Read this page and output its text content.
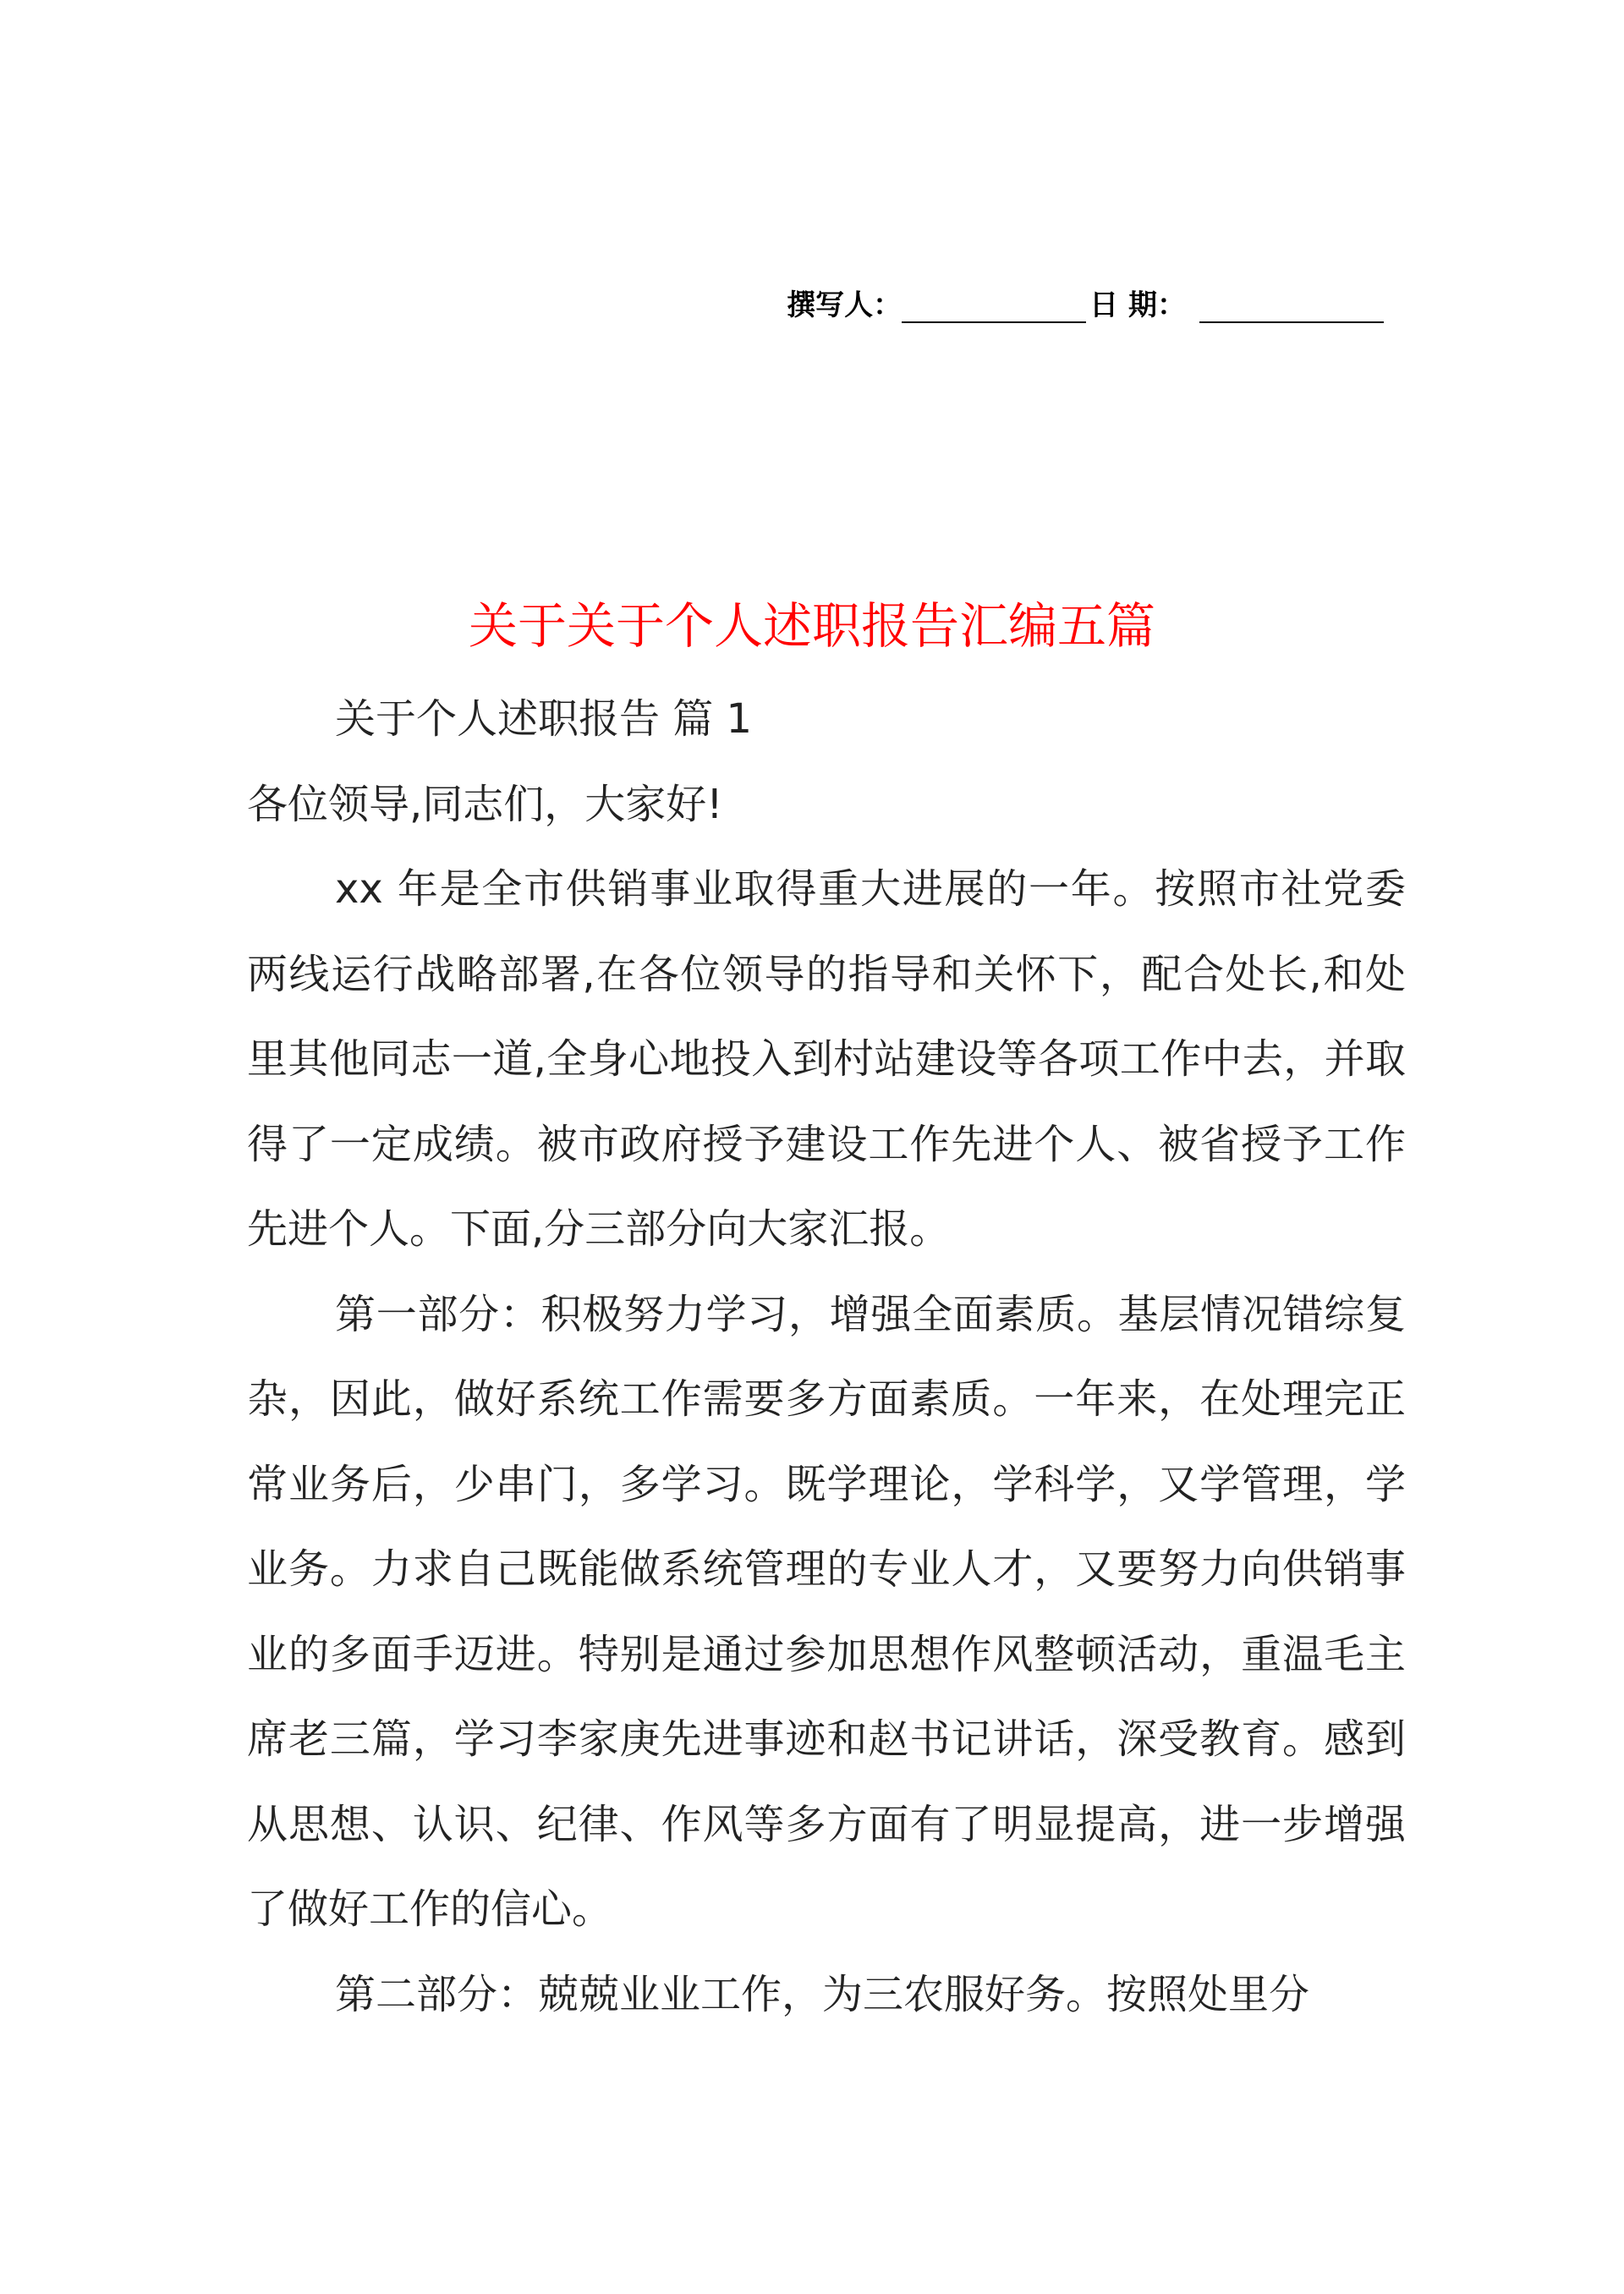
撰写人：	日 期：
关于关于个人述职报告汇编五篇

关于个人述职报告 篇 1

各位领导,同志们，大家好!

xx 年是全市供销事业取得重大进展的一年。按照市社党委两线运行战略部署,在各位领导的指导和关怀下，配合处长,和处里其他同志一道,全身心地投入到村站建设等各项工作中去，并取得了一定成绩。被市政府授予建设工作先进个人、被省授予工作先进个人。下面,分三部分向大家汇报。

第一部分：积极努力学习，增强全面素质。基层情况错综复杂，因此，做好系统工作需要多方面素质。一年来，在处理完正常业务后，少串门，多学习。既学理论，学科学，又学管理，学业务。力求自己既能做系统管理的专业人才，又要努力向供销事业的多面手迈进。特别是通过参加思想作风整顿活动，重温毛主席老三篇，学习李家庚先进事迹和赵书记讲话，深受教育。感到从思想、认识、纪律、作风等多方面有了明显提高，进一步增强了做好工作的信心。

第二部分：兢兢业业工作，为三农服好务。按照处里分
